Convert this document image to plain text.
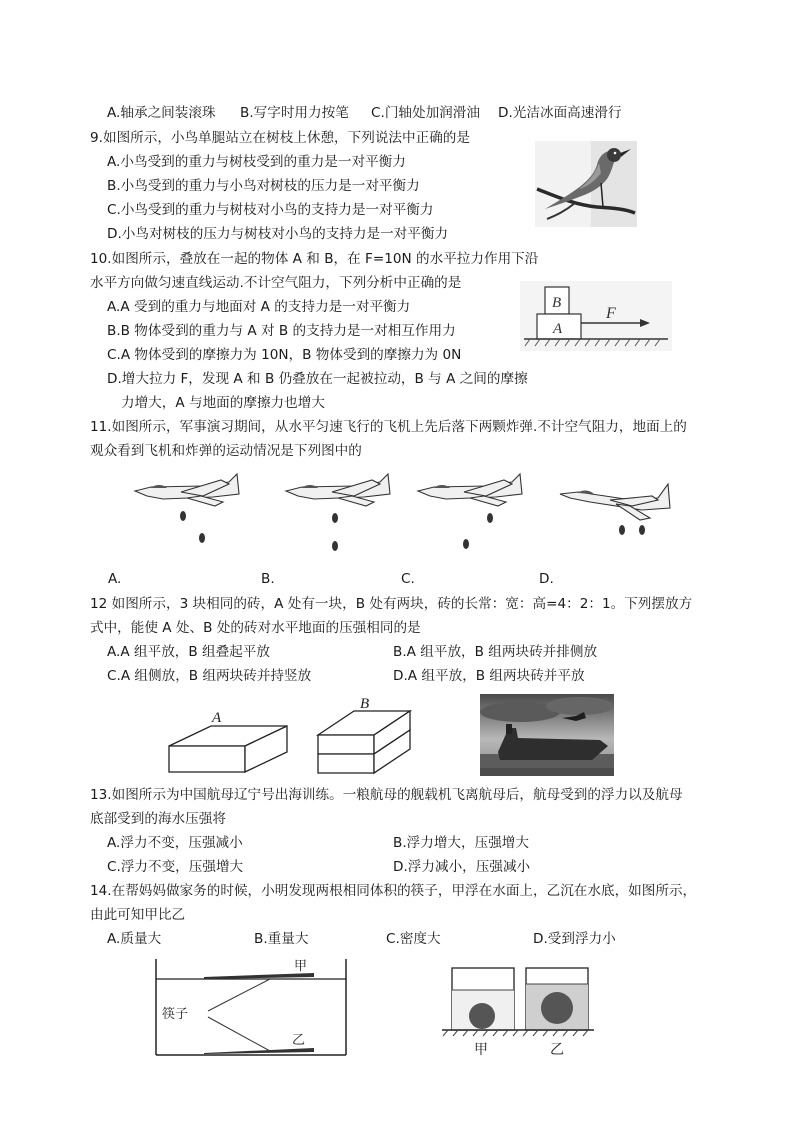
A.轴承之间装滚珠 B.写字时用力按笔 C.门轴处加润滑油 D.光洁冰面高速滑行
9.如图所示，小鸟单腿站立在树枝上休憩，下列说法中正确的是
A.小鸟受到的重力与树枝受到的重力是一对平衡力
B.小鸟受到的重力与小鸟对树枝的压力是一对平衡力
C.小鸟受到的重力与树枝对小鸟的支持力是一对平衡力
D.小鸟对树枝的压力与树枝对小鸟的支持力是一对平衡力
10.如图所示，叠放在一起的物体 A 和 B，在 F=10N 的水平拉力作用下沿
水平方向做匀速直线运动.不计空气阻力，下列分析中正确的是
A.A 受到的重力与地面对 A 的支持力是一对平衡力
B.B 物体受到的重力与 A 对 B 的支持力是一对相互作用力
C.A 物体受到的摩擦力为 10N，B 物体受到的摩擦力为 0N
D.增大拉力 F，发现 A 和 B 仍叠放在一起被拉动，B 与 A 之间的摩擦
力增大，A 与地面的摩擦力也增大
B
A
F
11.如图所示，军事演习期间，从水平匀速飞行的飞机上先后落下两颗炸弹.不计空气阻力，地面上的
观众看到飞机和炸弹的运动情况是下列图中的
A.	B.	C.	D.
12 如图所示，3 块相同的砖，A 处有一块，B 处有两块，砖的长常：宽：高=4：2：1。下列摆放方
式中，能使 A 处、B 处的砖对水平地面的压强相同的是
A.A 组平放，B 组叠起平放	B.A 组平放，B 组两块砖并排侧放
C.A 组侧放，B 组两块砖并持竖放	D.A 组平放，B 组两块砖并平放
A
B
13.如图所示为中国航母辽宁号出海训练。一粮航母的舰载机飞离航母后，航母受到的浮力以及航母
底部受到的海水压强将
A.浮力不变，压强减小	B.浮力增大，压强增大
C.浮力不变，压强增大	D.浮力减小，压强减小
14.在帮妈妈做家务的时候，小明发现两根相同体积的筷子，甲浮在水面上，乙沉在水底，如图所示，
由此可知甲比乙
A.质量大	B.重量大	C.密度大	D.受到浮力小
筷子
甲
乙
甲	乙
